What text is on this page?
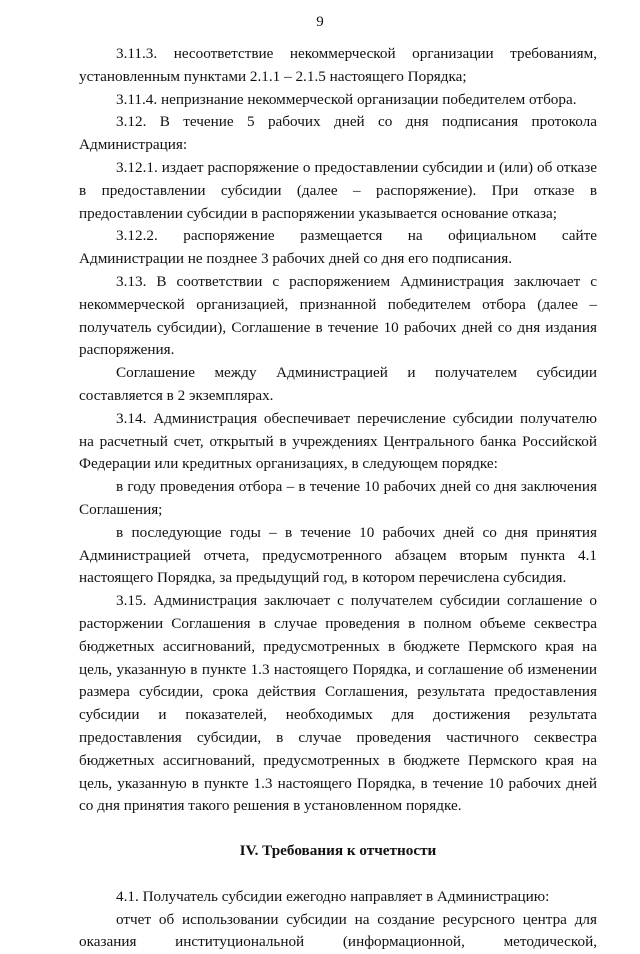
9

3.11.3. несоответствие некоммерческой организации требованиям, установленным пунктами 2.1.1 – 2.1.5 настоящего Порядка;

3.11.4. непризнание некоммерческой организации победителем отбора.

3.12. В течение 5 рабочих дней со дня подписания протокола Администрация:

3.12.1. издает распоряжение о предоставлении субсидии и (или) об отказе в предоставлении субсидии (далее – распоряжение). При отказе в предоставлении субсидии в распоряжении указывается основание отказа;

3.12.2. распоряжение размещается на официальном сайте Администрации не позднее 3 рабочих дней со дня его подписания.

3.13. В соответствии с распоряжением Администрация заключает с некоммерческой организацией, признанной победителем отбора (далее – получатель субсидии), Соглашение в течение 10 рабочих дней со дня издания распоряжения.

Соглашение между Администрацией и получателем субсидии составляется в 2 экземплярах.

3.14. Администрация обеспечивает перечисление субсидии получателю на расчетный счет, открытый в учреждениях Центрального банка Российской Федерации или кредитных организациях, в следующем порядке:

в году проведения отбора – в течение 10 рабочих дней со дня заключения Соглашения;

в последующие годы – в течение 10 рабочих дней со дня принятия Администрацией отчета, предусмотренного абзацем вторым пункта 4.1 настоящего Порядка, за предыдущий год, в котором перечислена субсидия.

3.15. Администрация заключает с получателем субсидии соглашение о расторжении Соглашения в случае проведения в полном объеме секвестра бюджетных ассигнований, предусмотренных в бюджете Пермского края на цель, указанную в пункте 1.3 настоящего Порядка, и соглашение об изменении размера субсидии, срока действия Соглашения, результата предоставления субсидии и показателей, необходимых для достижения результата предоставления субсидии, в случае проведения частичного секвестра бюджетных ассигнований, предусмотренных в бюджете Пермского края на цель, указанную в пункте 1.3 настоящего Порядка, в течение 10 рабочих дней со дня принятия такого решения в установленном порядке.

IV. Требования к отчетности

4.1. Получатель субсидии ежегодно направляет в Администрацию:

отчет об использовании субсидии на создание ресурсного центра для оказания институциональной (информационной, методической,
